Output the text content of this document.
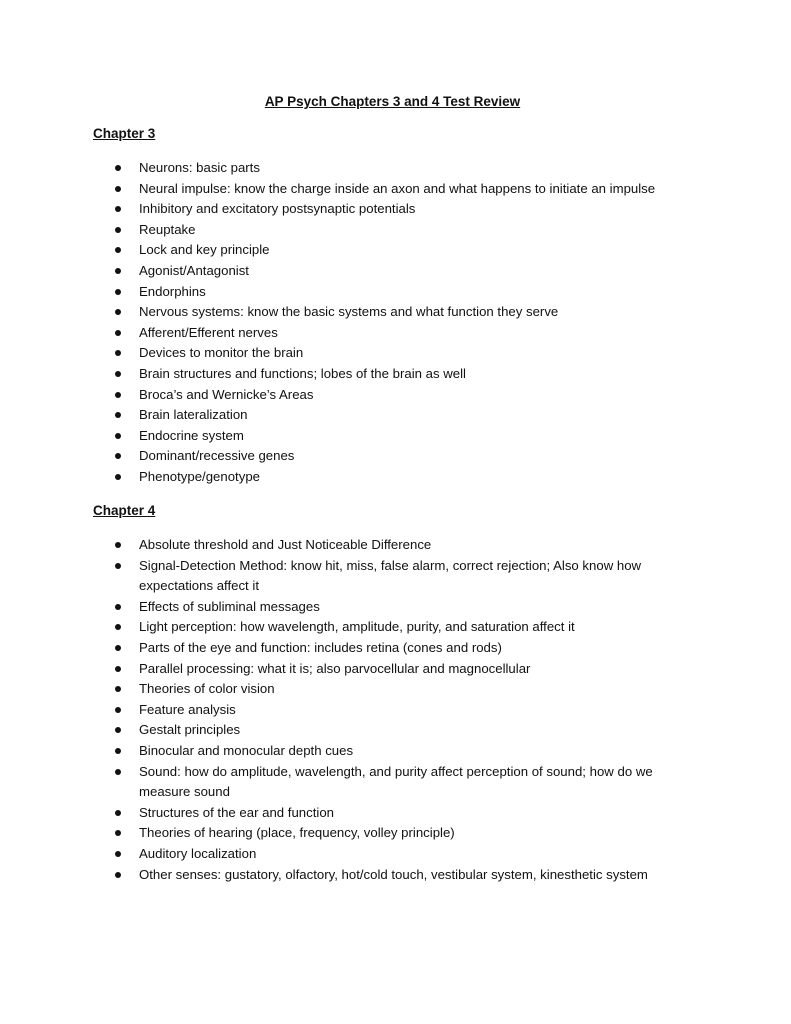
AP Psych Chapters 3 and 4 Test Review
Chapter 3
Neurons: basic parts
Neural impulse: know the charge inside an axon and what happens to initiate an impulse
Inhibitory and excitatory postsynaptic potentials
Reuptake
Lock and key principle
Agonist/Antagonist
Endorphins
Nervous systems: know the basic systems and what function they serve
Afferent/Efferent nerves
Devices to monitor the brain
Brain structures and functions; lobes of the brain as well
Broca’s and Wernicke’s Areas
Brain lateralization
Endocrine system
Dominant/recessive genes
Phenotype/genotype
Chapter 4
Absolute threshold and Just Noticeable Difference
Signal-Detection Method: know hit, miss, false alarm, correct rejection; Also know how expectations affect it
Effects of subliminal messages
Light perception: how wavelength, amplitude, purity, and saturation affect it
Parts of the eye and function: includes retina (cones and rods)
Parallel processing: what it is; also parvocellular and magnocellular
Theories of color vision
Feature analysis
Gestalt principles
Binocular and monocular depth cues
Sound: how do amplitude, wavelength, and purity affect perception of sound; how do we measure sound
Structures of the ear and function
Theories of hearing (place, frequency, volley principle)
Auditory localization
Other senses: gustatory, olfactory, hot/cold touch, vestibular system, kinesthetic system
